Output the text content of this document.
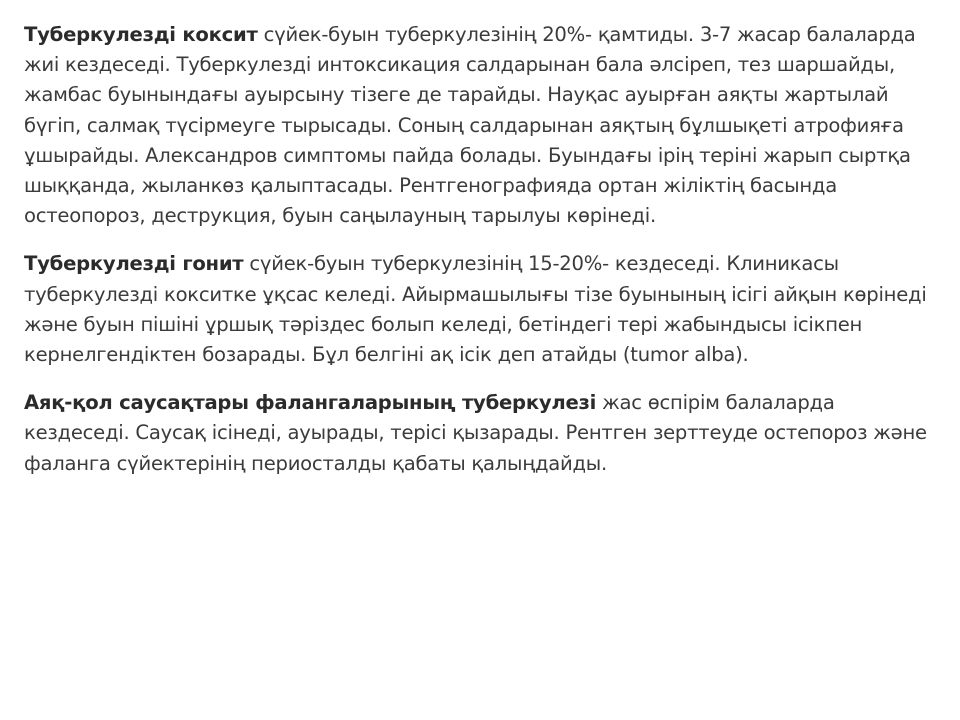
Туберкулезді коксит сүйек-буын туберкулезінің 20%- қамтиды. 3-7 жасар балаларда жиі кездеседі. Туберкулезді интоксикация салдарынан бала әлсіреп, тез шаршайды, жамбас буынындағы ауырсыну тізеге де тарайды. Науқас ауырған аяқты жартылай бүгіп, салмақ түсірмеуге тырысады. Соның салдарынан аяқтың бұлшықеті атрофияға ұшырайды. Александров симптомы пайда болады. Буындағы ірің теріні жарып сыртқа шыққанда, жыланкөз қалыптасады. Рентгенографияда ортан жіліктің басында остеопороз, деструкция, буын саңылауның тарылуы көрінеді.

Туберкулезді гонит сүйек-буын туберкулезінің 15-20%- кездеседі. Клиникасы туберкулезді кокситке ұқсас келеді. Айырмашылығы тізе буынының ісігі айқын көрінеді және буын пішіні ұршық тәріздес болып келеді, бетіндегі тері жабындысы ісікпен кернелгендіктен бозарады. Бұл белгіні ақ ісік деп атайды (tumor alba).

Аяқ-қол саусақтары фалангаларының туберкулезі жас өспірім балаларда кездеседі. Саусақ ісінеді, ауырады, терісі қызарады. Рентген зерттеуде остепороз және фаланга сүйектерінің периосталды қабаты қалыңдайды.
